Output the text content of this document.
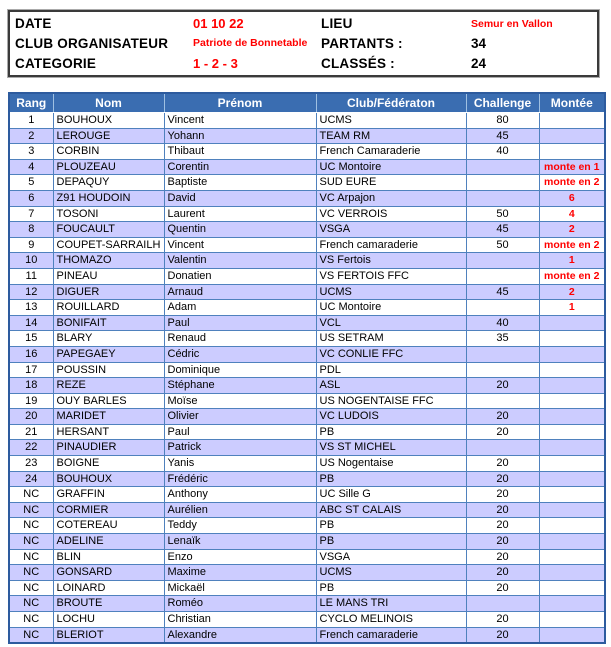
DATE	01 10 22	LIEU	Semur en Vallon
CLUB ORGANISATEUR	Patriote de Bonnetable	PARTANTS :	34
CATEGORIE	1 - 2 - 3	CLASSÉS :	24
Rang	Nom	Prénom	Club/Fédératon	Challenge	Montée
1	BOUHOUX	Vincent	UCMS	80	
2	LEROUGE	Yohann	TEAM RM	45	
3	CORBIN	Thibaut	French Camaraderie	40	
4	PLOUZEAU	Corentin	UC Montoire		monte en 1
5	DEPAQUY	Baptiste	SUD EURE		monte en 2
6	Z91 HOUDOIN	David	VC Arpajon		6
7	TOSONI	Laurent	VC VERROIS	50	4
8	FOUCAULT	Quentin	VSGA	45	2
9	COUPET-SARRAILH	Vincent	French camaraderie	50	monte en 2
10	THOMAZO	Valentin	VS Fertois		1
11	PINEAU	Donatien	VS FERTOIS FFC		monte en 2
12	DIGUER	Arnaud	UCMS	45	2
13	ROUILLARD	Adam	UC Montoire		1
14	BONIFAIT	Paul	VCL	40	
15	BLARY	Renaud	US SETRAM	35	
16	PAPEGAEY	Cédric	VC CONLIE FFC		
17	POUSSIN	Dominique	PDL		
18	REZE	Stéphane	ASL	20	
19	OUY BARLES	Moïse	US NOGENTAISE FFC		
20	MARIDET	Olivier	VC LUDOIS	20	
21	HERSANT	Paul	PB	20	
22	PINAUDIER	Patrick	VS ST MICHEL		
23	BOIGNE	Yanis	US Nogentaise	20	
24	BOUHOUX	Frédéric	PB	20	
NC	GRAFFIN	Anthony	UC Sille G	20	
NC	CORMIER	Aurélien	ABC ST CALAIS	20	
NC	COTEREAU	Teddy	PB	20	
NC	ADELINE	Lenaïk	PB	20	
NC	BLIN	Enzo	VSGA	20	
NC	GONSARD	Maxime	UCMS	20	
NC	LOINARD	Mickaël	PB	20	
NC	BROUTE	Roméo	LE MANS TRI		
NC	LOCHU	Christian	CYCLO MELINOIS	20	
NC	BLERIOT	Alexandre	French camaraderie	20	
